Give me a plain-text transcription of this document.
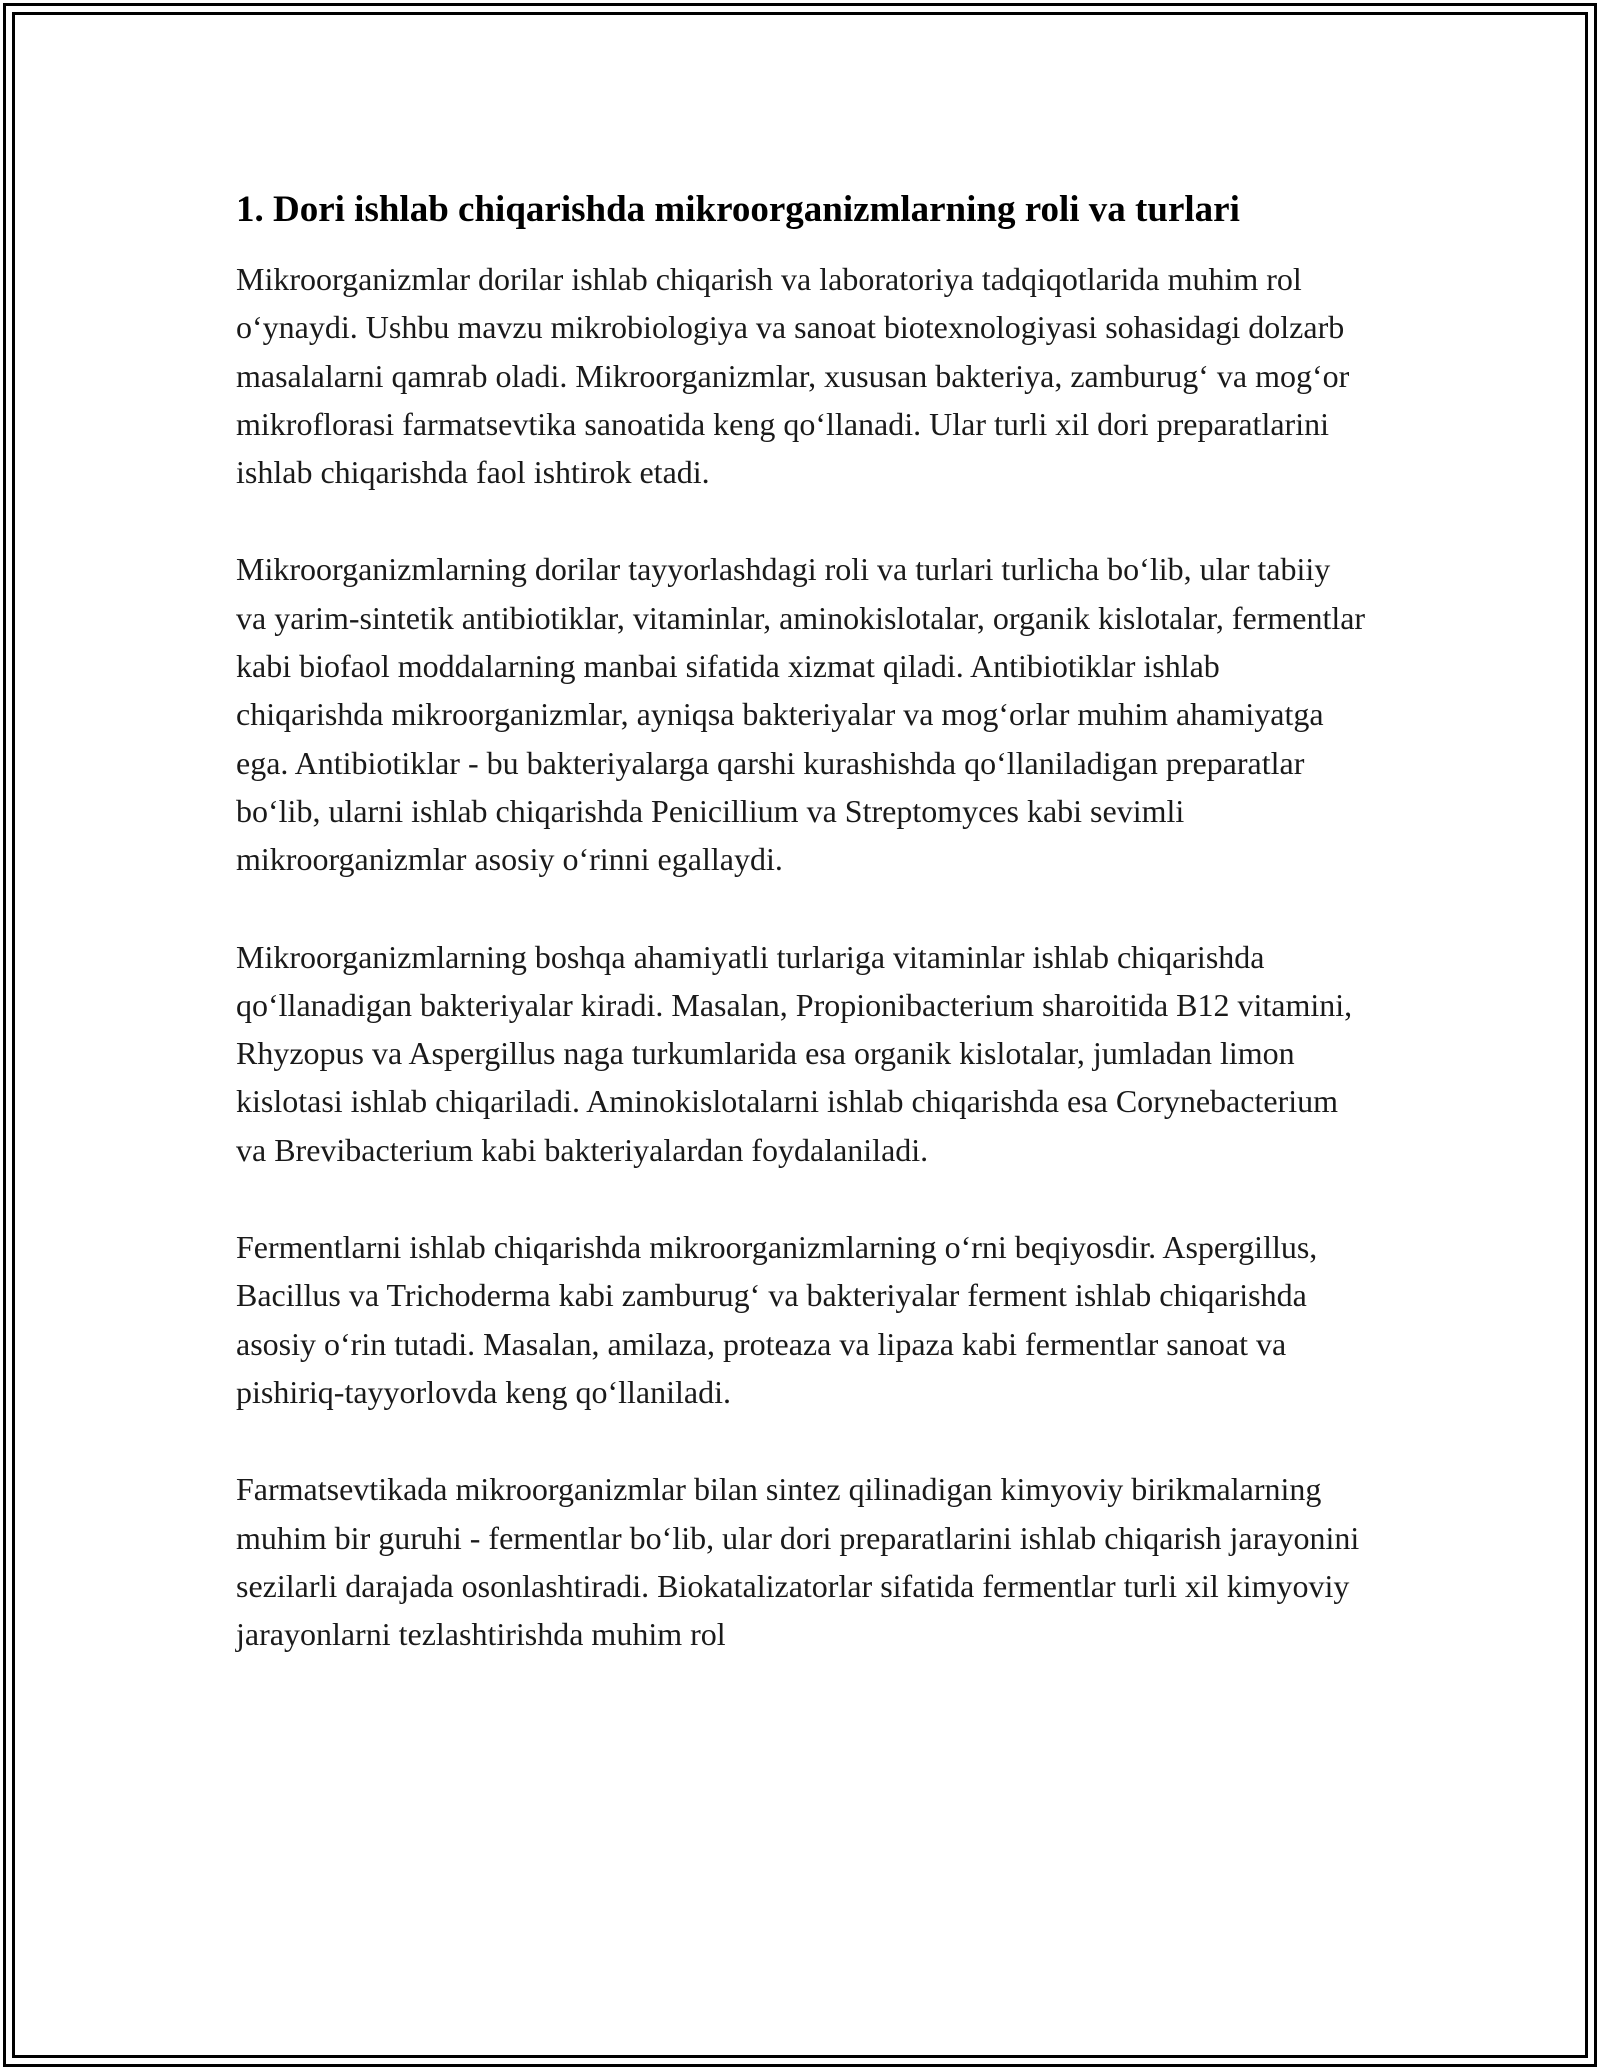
1. Dori ishlab chiqarishda mikroorganizmlarning roli va turlari

Mikroorganizmlar dorilar ishlab chiqarish va laboratoriya tadqiqotlarida muhim rol o‘ynaydi. Ushbu mavzu mikrobiologiya va sanoat biotexnologiyasi sohasidagi dolzarb masalalarni qamrab oladi. Mikroorganizmlar, xususan bakteriya, zamburug‘ va mog‘or mikroflorasi farmatsevtika sanoatida keng qo‘llanadi. Ular turli xil dori preparatlarini ishlab chiqarishda faol ishtirok etadi.

Mikroorganizmlarning dorilar tayyorlashdagi roli va turlari turlicha bo‘lib, ular tabiiy va yarim-sintetik antibiotiklar, vitaminlar, aminokislotalar, organik kislotalar, fermentlar kabi biofaol moddalarning manbai sifatida xizmat qiladi. Antibiotiklar ishlab chiqarishda mikroorganizmlar, ayniqsa bakteriyalar va mog‘orlar muhim ahamiyatga ega. Antibiotiklar - bu bakteriyalarga qarshi kurashishda qo‘llaniladigan preparatlar bo‘lib, ularni ishlab chiqarishda Penicillium va Streptomyces kabi sevimli mikroorganizmlar asosiy o‘rinni egallaydi.

Mikroorganizmlarning boshqa ahamiyatli turlariga vitaminlar ishlab chiqarishda qo‘llanadigan bakteriyalar kiradi. Masalan, Propionibacterium sharoitida B12 vitamini, Rhyzopus va Aspergillus naga turkumlarida esa organik kislotalar, jumladan limon kislotasi ishlab chiqariladi. Aminokislotalarni ishlab chiqarishda esa Corynebacterium va Brevibacterium kabi bakteriyalardan foydalaniladi.

Fermentlarni ishlab chiqarishda mikroorganizmlarning o‘rni beqiyosdir. Aspergillus, Bacillus va Trichoderma kabi zamburug‘ va bakteriyalar ferment ishlab chiqarishda asosiy o‘rin tutadi. Masalan, amilaza, proteaza va lipaza kabi fermentlar sanoat va pishiriq-tayyorlovda keng qo‘llaniladi.

Farmatsevtikada mikroorganizmlar bilan sintez qilinadigan kimyoviy birikmalarning muhim bir guruhi - fermentlar bo‘lib, ular dori preparatlarini ishlab chiqarish jarayonini sezilarli darajada osonlashtiradi. Biokatalizatorlar sifatida fermentlar turli xil kimyoviy jarayonlarni tezlashtirishda muhim rol
